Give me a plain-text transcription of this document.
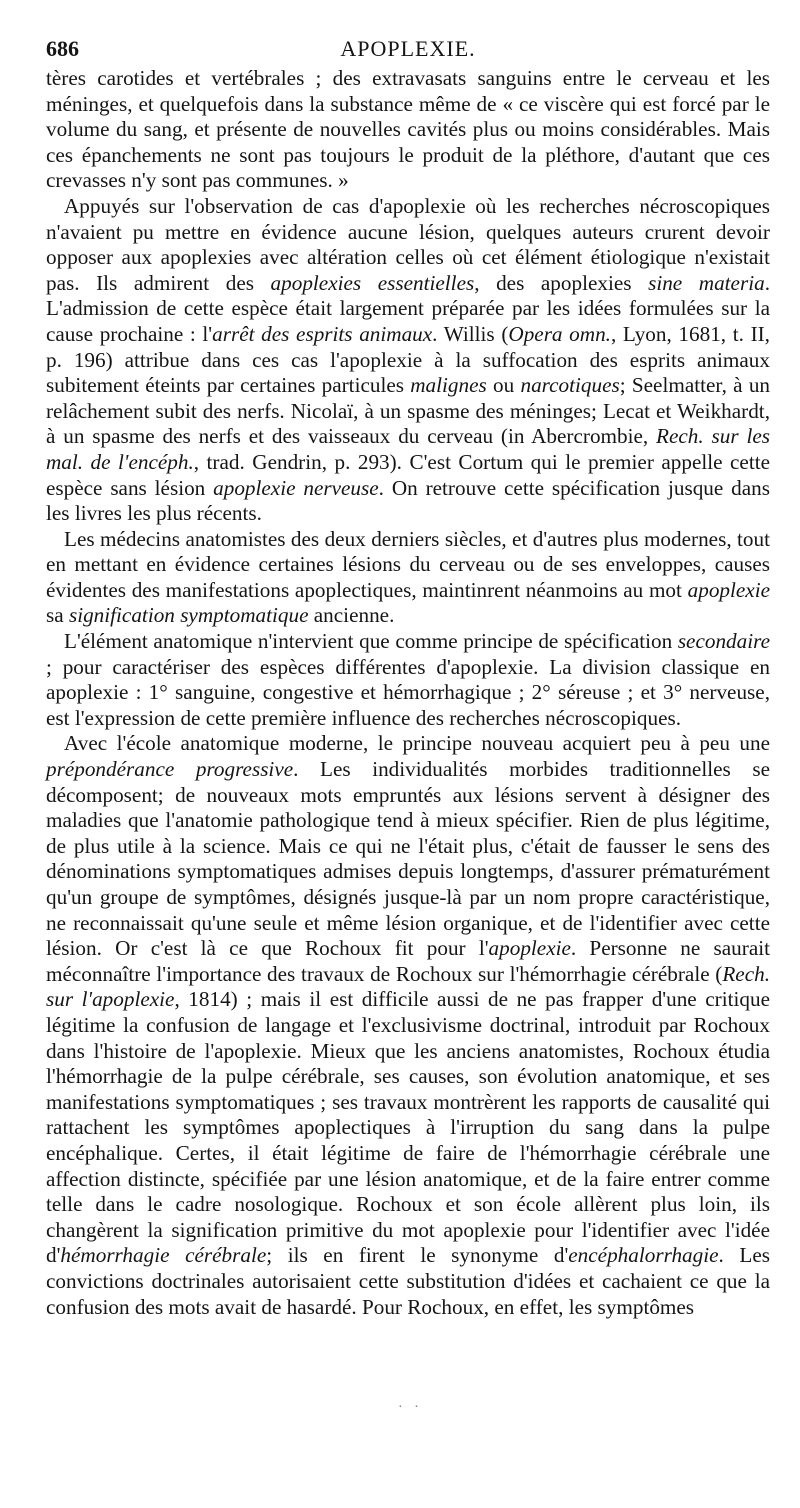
686	APOPLEXIE.

tères carotides et vertébrales ; des extravasats sanguins entre le cerveau et les méninges, et quelquefois dans la substance même de « ce viscère qui est forcé par le volume du sang, et présente de nouvelles cavités plus ou moins considérables. Mais ces épanchements ne sont pas toujours le produit de la pléthore, d'autant que ces crevasses n'y sont pas communes. »

Appuyés sur l'observation de cas d'apoplexie où les recherches nécroscopiques n'avaient pu mettre en évidence aucune lésion, quelques auteurs crurent devoir opposer aux apoplexies avec altération celles où cet élément étiologique n'existait pas. Ils admirent des apoplexies essentielles, des apoplexies sine materia. L'admission de cette espèce était largement préparée par les idées formulées sur la cause prochaine : l'arrêt des esprits animaux. Willis (Opera omn., Lyon, 1681, t. II, p. 196) attribue dans ces cas l'apoplexie à la suffocation des esprits animaux subitement éteints par certaines particules malignes ou narcotiques; Seelmatter, à un relâchement subit des nerfs. Nicolaï, à un spasme des méninges; Lecat et Weikhardt, à un spasme des nerfs et des vaisseaux du cerveau (in Abercrombie, Rech. sur les mal. de l'encéph., trad. Gendrin, p. 293). C'est Cortum qui le premier appelle cette espèce sans lésion apoplexie nerveuse. On retrouve cette spécification jusque dans les livres les plus récents.

Les médecins anatomistes des deux derniers siècles, et d'autres plus modernes, tout en mettant en évidence certaines lésions du cerveau ou de ses enveloppes, causes évidentes des manifestations apoplectiques, maintinrent néanmoins au mot apoplexie sa signification symptomatique ancienne.

L'élément anatomique n'intervient que comme principe de spécification secondaire ; pour caractériser des espèces différentes d'apoplexie. La division classique en apoplexie : 1° sanguine, congestive et hémorrhagique ; 2° séreuse ; et 3° nerveuse, est l'expression de cette première influence des recherches nécroscopiques.

Avec l'école anatomique moderne, le principe nouveau acquiert peu à peu une prépondérance progressive. Les individualités morbides traditionnelles se décomposent; de nouveaux mots empruntés aux lésions servent à désigner des maladies que l'anatomie pathologique tend à mieux spécifier. Rien de plus légitime, de plus utile à la science. Mais ce qui ne l'était plus, c'était de fausser le sens des dénominations symptomatiques admises depuis longtemps, d'assurer prématurément qu'un groupe de symptômes, désignés jusque-là par un nom propre caractéristique, ne reconnaissait qu'une seule et même lésion organique, et de l'identifier avec cette lésion. Or c'est là ce que Rochoux fit pour l'apoplexie. Personne ne saurait méconnaître l'importance des travaux de Rochoux sur l'hémorrhagie cérébrale (Rech. sur l'apoplexie, 1814) ; mais il est difficile aussi de ne pas frapper d'une critique légitime la confusion de langage et l'exclusivisme doctrinal, introduit par Rochoux dans l'histoire de l'apoplexie. Mieux que les anciens anatomistes, Rochoux étudia l'hémorrhagie de la pulpe cérébrale, ses causes, son évolution anatomique, et ses manifestations symptomatiques ; ses travaux montrèrent les rapports de causalité qui rattachent les symptômes apoplectiques à l'irruption du sang dans la pulpe encéphalique. Certes, il était légitime de faire de l'hémorrhagie cérébrale une affection distincte, spécifiée par une lésion anatomique, et de la faire entrer comme telle dans le cadre nosologique. Rochoux et son école allèrent plus loin, ils changèrent la signification primitive du mot apoplexie pour l'identifier avec l'idée d'hémorrhagie cérébrale; ils en firent le synonyme d'encéphalorrhagie. Les convictions doctrinales autorisaient cette substitution d'idées et cachaient ce que la confusion des mots avait de hasardé. Pour Rochoux, en effet, les symptômes

· ·
